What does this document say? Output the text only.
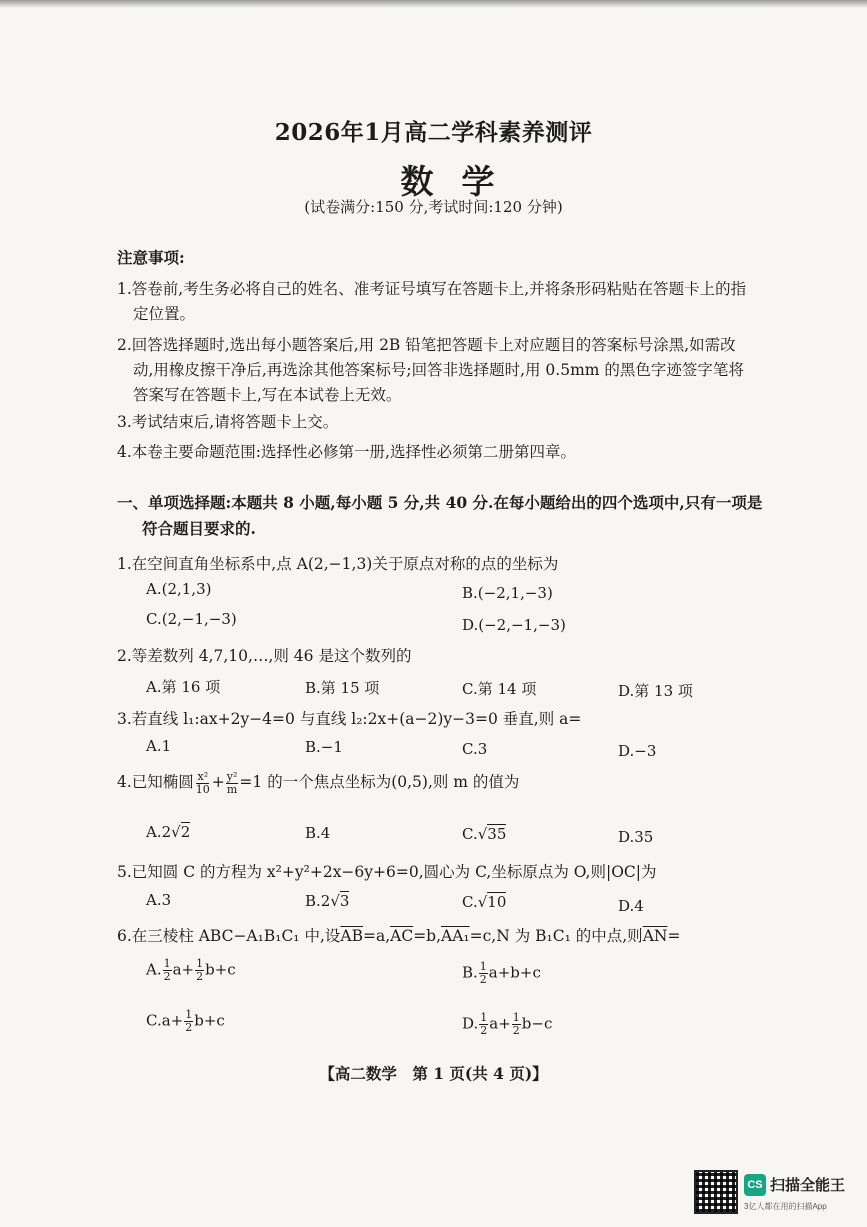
2026年1月高二学科素养测评
数学
(试卷满分:150 分,考试时间:120 分钟)
注意事项:
1.答卷前,考生务必将自己的姓名、准考证号填写在答题卡上,并将条形码粘贴在答题卡上的指
定位置。
2.回答选择题时,选出每小题答案后,用 2B 铅笔把答题卡上对应题目的答案标号涂黑,如需改
动,用橡皮擦干净后,再选涂其他答案标号;回答非选择题时,用 0.5mm 的黑色字迹签字笔将
答案写在答题卡上,写在本试卷上无效。
3.考试结束后,请将答题卡上交。
4.本卷主要命题范围:选择性必修第一册,选择性必须第二册第四章。
一、单项选择题:本题共 8 小题,每小题 5 分,共 40 分.在每小题给出的四个选项中,只有一项是
符合题目要求的.
1.在空间直角坐标系中,点 A(2,−1,3)关于原点对称的点的坐标为
A.(2,1,3)	B.(−2,1,−3)
C.(2,−1,−3)	D.(−2,−1,−3)
2.等差数列 4,7,10,…,则 46 是这个数列的
A.第 16 项	B.第 15 项	C.第 14 项	D.第 13 项
3.若直线 l₁:ax+2y−4=0 与直线 l₂:2x+(a−2)y−3=0 垂直,则 a=
A.1	B.−1	C.3	D.−3
4.已知椭圆 $\frac{\text{x²}}{10} + \frac{\text{y²}}{m} =1$ 的一个焦点坐标为(0,5),则 m 的值为
A.2√2	B.4	C.√35	D.35
5.已知圆 C 的方程为 x²+y²+2x−6y+6=0,圆心为 C,坐标原点为 O,则|OC|为
A.3	B.2√3	C.√10	D.4
6.在三棱柱 ABC−A₁B₁C₁ 中,设$\overline{AB}=a,\overline{AC}=b,AA_1=c,N$ 为 B₁C₁ 的中点,则$\overline{AN}=$
A. $\frac{1}{2} a+ \frac{1}{2} b+c$	B. $\frac{1}{2} a+b+c$
$C.a+ \frac{1}{2} b+c$	D. $\frac{1}{2} a+ \frac{1}{2} b-c$
【高二数学　第 1 页(共 4 页)】
CS 扫描全能王
3亿人都在用的扫描App
